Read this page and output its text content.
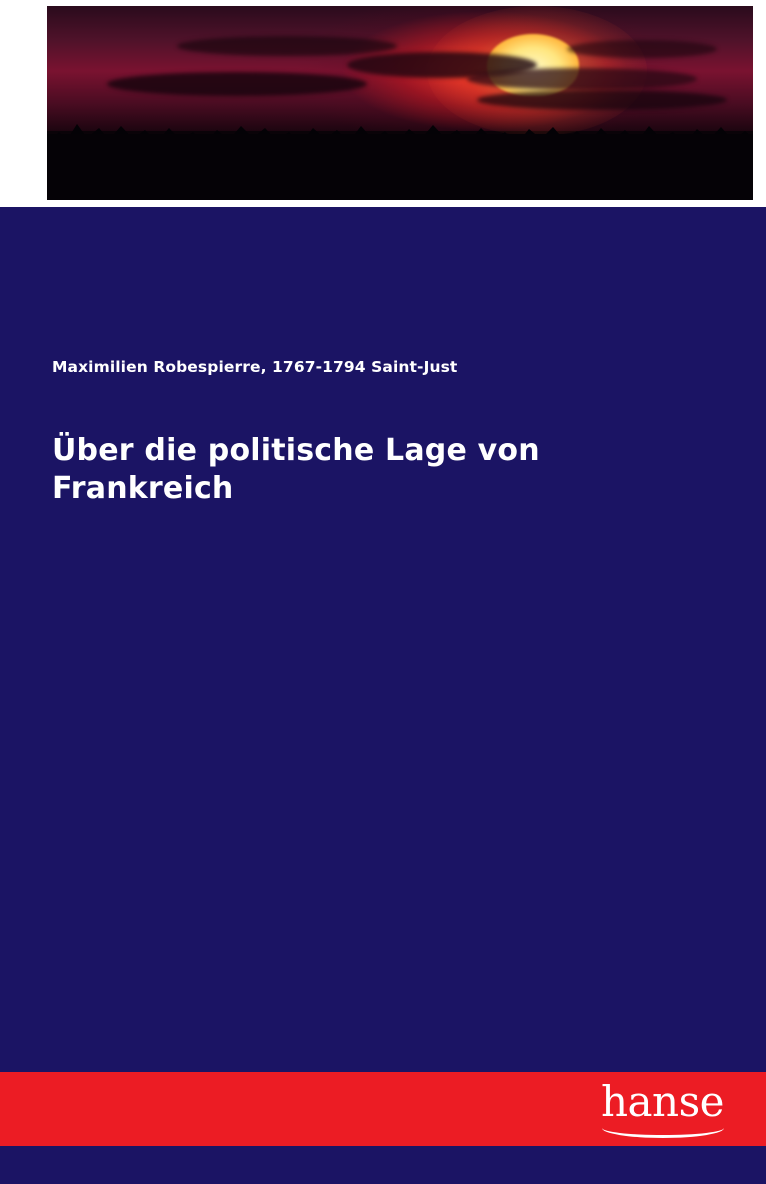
Maximilien Robespierre, 1767-1794 Saint-Just
Über die politische Lage von Frankreich
hanse
